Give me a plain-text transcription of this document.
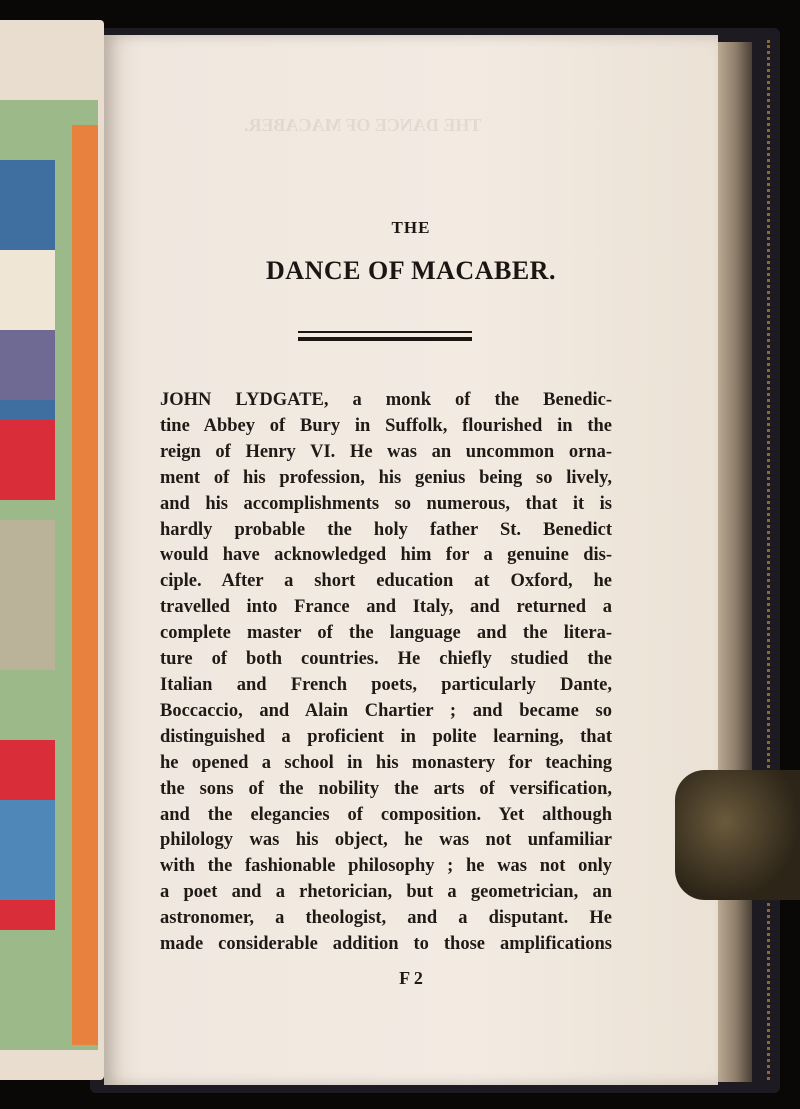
THE DANCE OF MACABER.
THE
DANCE OF MACABER.
JOHN LYDGATE, a monk of the Benedic-
tine Abbey of Bury in Suffolk, flourished in the
reign of Henry VI. He was an uncommon orna-
ment of his profession, his genius being so lively,
and his accomplishments so numerous, that it is
hardly probable the holy father St. Benedict
would have acknowledged him for a genuine dis-
ciple. After a short education at Oxford, he
travelled into France and Italy, and returned a
complete master of the language and the litera-
ture of both countries. He chiefly studied the
Italian and French poets, particularly Dante,
Boccaccio, and Alain Chartier ; and became so
distinguished a proficient in polite learning, that
he opened a school in his monastery for teaching
the sons of the nobility the arts of versification,
and the elegancies of composition. Yet although
philology was his object, he was not unfamiliar
with the fashionable philosophy ; he was not only
a poet and a rhetorician, but a geometrician, an
astronomer, a theologist, and a disputant. He
made considerable addition to those amplifications
F 2
